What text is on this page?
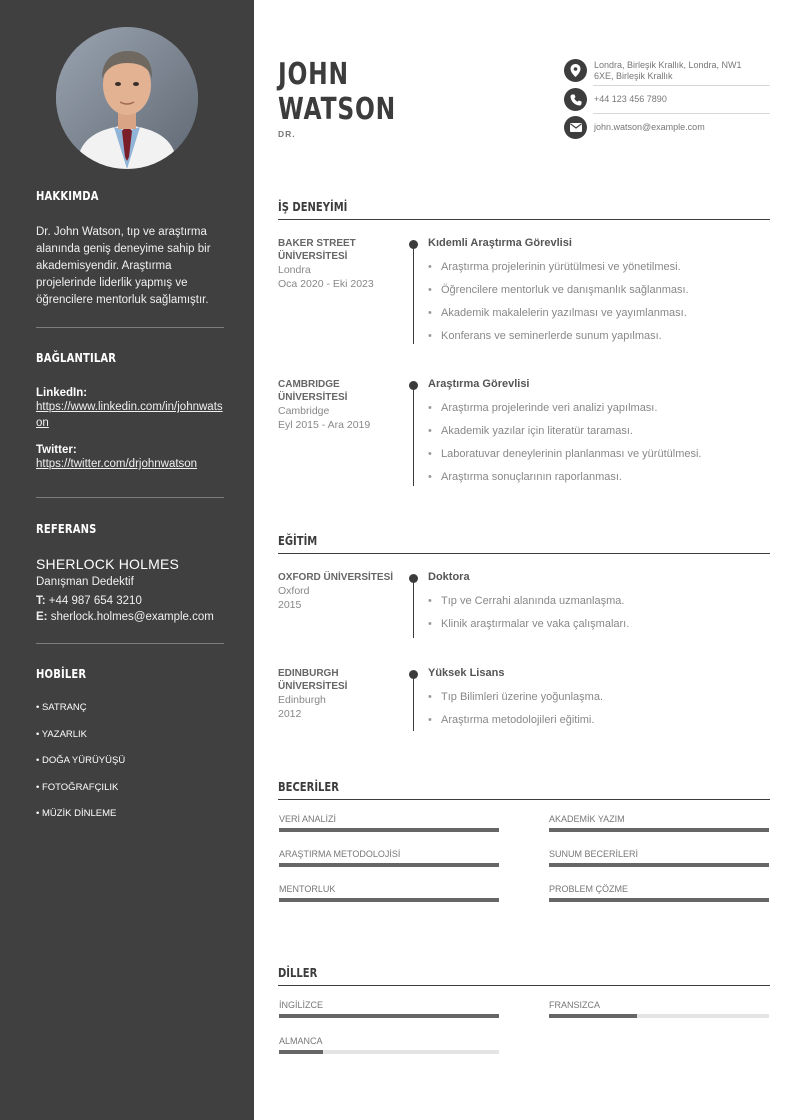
HAKKIMDA
Dr. John Watson, tıp ve araştırma alanında geniş deneyime sahip bir akademisyendir. Araştırma projelerinde liderlik yapmış ve öğrencilere mentorluk sağlamıştır.
BAĞLANTILAR
LinkedIn:
https://www.linkedin.com/in/johnwatson
Twitter:
https://twitter.com/drjohnwatson
REFERANS
SHERLOCK HOLMES
Danışman Dedektif
T: +44 987 654 3210
E: sherlock.holmes@example.com
HOBİLER
• SATRANÇ
• YAZARLIK
• DOĞA YÜRÜYÜŞÜ
• FOTOĞRAFÇILIK
• MÜZİK DİNLEME
JOHN
WATSON
DR.
Londra, Birleşik Krallık, Londra, NW1 6XE, Birleşik Krallık
+44 123 456 7890
john.watson@example.com
İŞ DENEYİMİ
BAKER STREET ÜNİVERSİTESİ
Londra
Oca 2020 - Eki 2023
Kıdemli Araştırma Görevlisi
• Araştırma projelerinin yürütülmesi ve yönetilmesi.
• Öğrencilere mentorluk ve danışmanlık sağlanması.
• Akademik makalelerin yazılması ve yayımlanması.
• Konferans ve seminerlerde sunum yapılması.
CAMBRIDGE ÜNİVERSİTESİ
Cambridge
Eyl 2015 - Ara 2019
Araştırma Görevlisi
• Araştırma projelerinde veri analizi yapılması.
• Akademik yazılar için literatür taraması.
• Laboratuvar deneylerinin planlanması ve yürütülmesi.
• Araştırma sonuçlarının raporlanması.
EĞİTİM
OXFORD ÜNİVERSİTESİ
Oxford
2015
Doktora
• Tıp ve Cerrahi alanında uzmanlaşma.
• Klinik araştırmalar ve vaka çalışmaları.
EDINBURGH ÜNİVERSİTESİ
Edinburgh
2012
Yüksek Lisans
• Tıp Bilimleri üzerine yoğunlaşma.
• Araştırma metodolojileri eğitimi.
BECERİLER
VERİ ANALİZİ	AKADEMİK YAZIM
ARAŞTIRMA METODOLOJİSİ	SUNUM BECERİLERİ
MENTORLUK	PROBLEM ÇÖZME
DİLLER
İNGİLİZCE	FRANSIZCA
ALMANCA
